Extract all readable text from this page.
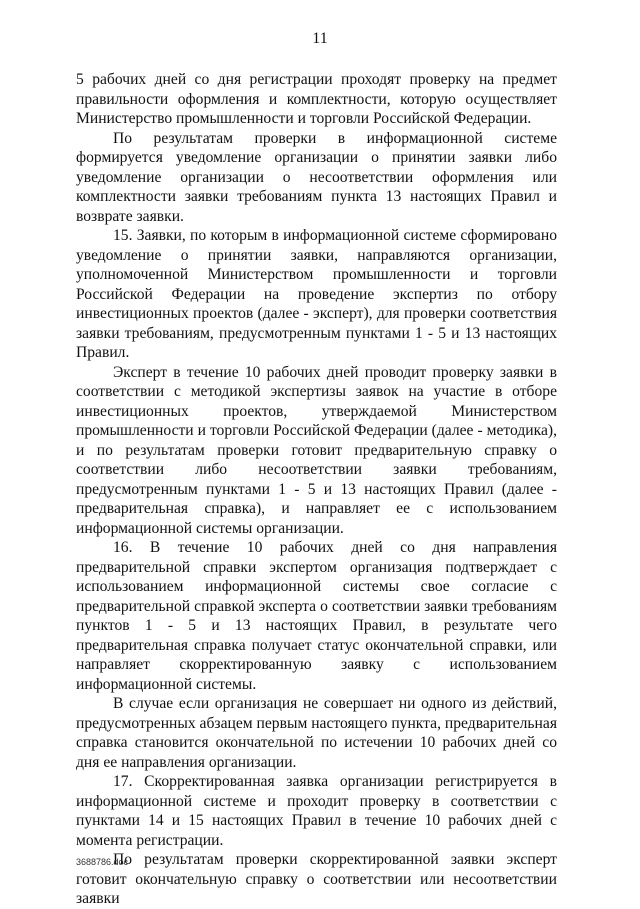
11

5 рабочих дней со дня регистрации проходят проверку на предмет правильности оформления и комплектности, которую осуществляет Министерство промышленности и торговли Российской Федерации.

По результатам проверки в информационной системе формируется уведомление организации о принятии заявки либо уведомление организации о несоответствии оформления или комплектности заявки требованиям пункта 13 настоящих Правил и возврате заявки.

15. Заявки, по которым в информационной системе сформировано уведомление о принятии заявки, направляются организации, уполномоченной Министерством промышленности и торговли Российской Федерации на проведение экспертиз по отбору инвестиционных проектов (далее - эксперт), для проверки соответствия заявки требованиям, предусмотренным пунктами 1 - 5 и 13 настоящих Правил.

Эксперт в течение 10 рабочих дней проводит проверку заявки в соответствии с методикой экспертизы заявок на участие в отборе инвестиционных проектов, утверждаемой Министерством промышленности и торговли Российской Федерации (далее - методика), и по результатам проверки готовит предварительную справку о соответствии либо несоответствии заявки требованиям, предусмотренным пунктами 1 - 5 и 13 настоящих Правил (далее - предварительная справка), и направляет ее с использованием информационной системы организации.

16. В течение 10 рабочих дней со дня направления предварительной справки экспертом организация подтверждает с использованием информационной системы свое согласие с предварительной справкой эксперта о соответствии заявки требованиям пунктов 1 - 5 и 13 настоящих Правил, в результате чего предварительная справка получает статус окончательной справки, или направляет скорректированную заявку с использованием информационной системы.

В случае если организация не совершает ни одного из действий, предусмотренных абзацем первым настоящего пункта, предварительная справка становится окончательной по истечении 10 рабочих дней со дня ее направления организации.

17. Скорректированная заявка организации регистрируется в информационной системе и проходит проверку в соответствии с пунктами 14 и 15 настоящих Правил в течение 10 рабочих дней с момента регистрации.

По результатам проверки скорректированной заявки эксперт готовит окончательную справку о соответствии или несоответствии заявки

3688786.doc
